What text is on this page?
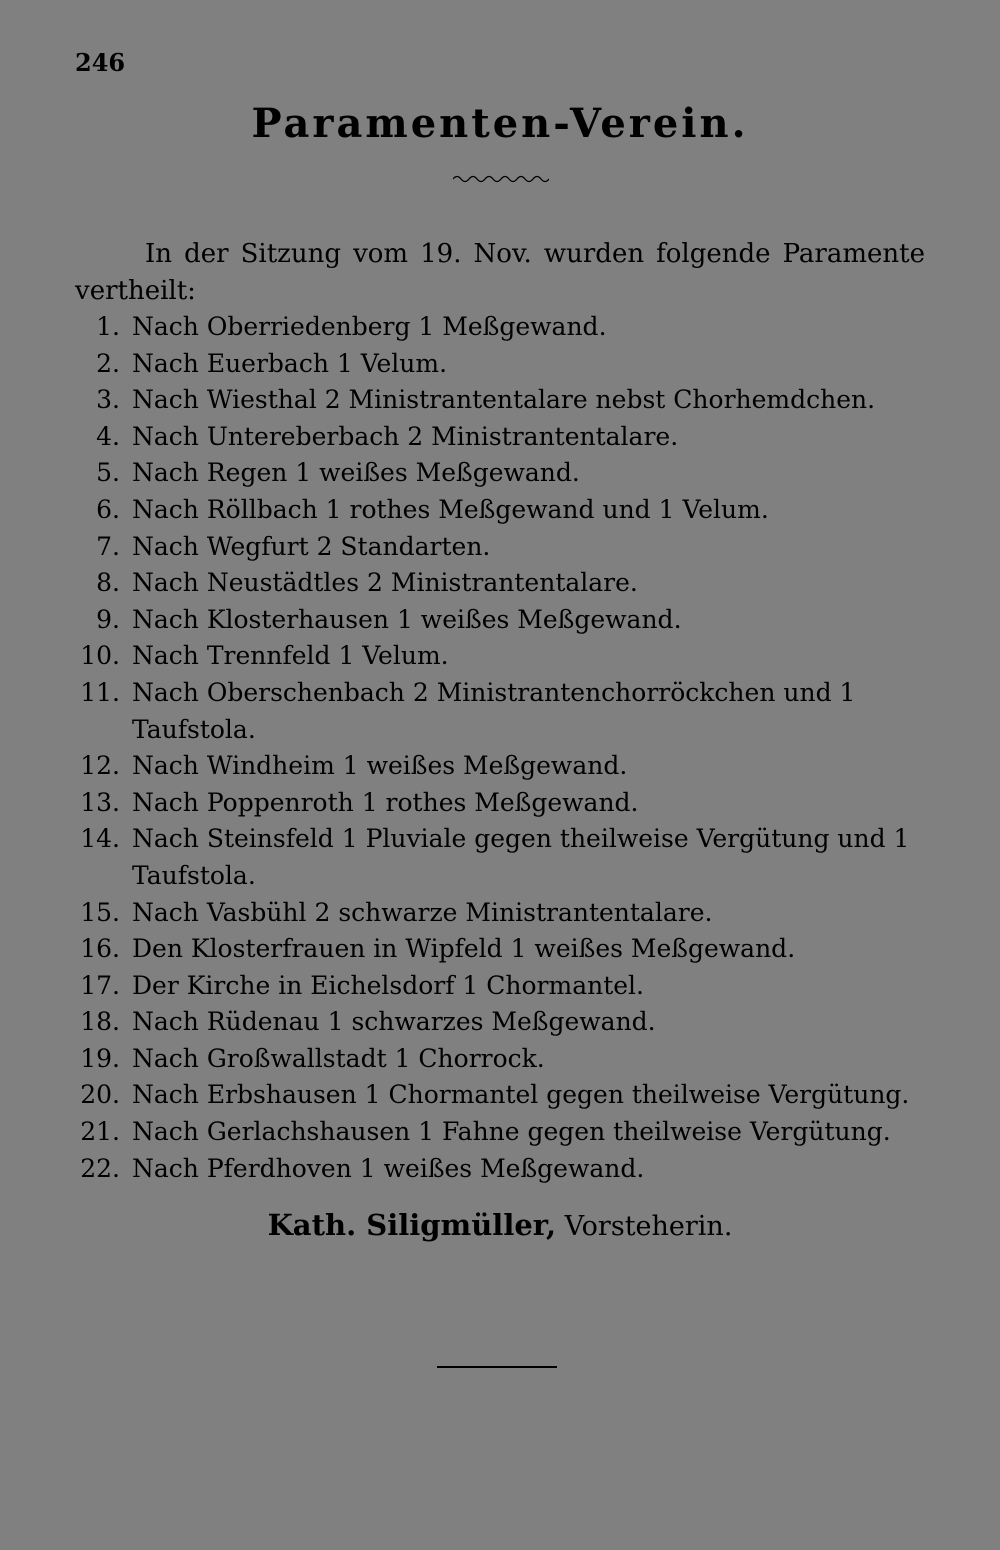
246
Paramenten-Verein.

In der Sitzung vom 19. Nov. wurden folgende Paramente vertheilt:

1. Nach Oberriedenberg 1 Meßgewand.
2. Nach Euerbach 1 Velum.
3. Nach Wiesthal 2 Ministrantentalare nebst Chorhemdchen.
4. Nach Untereberbach 2 Ministrantentalare.
5. Nach Regen 1 weißes Meßgewand.
6. Nach Röllbach 1 rothes Meßgewand und 1 Velum.
7. Nach Wegfurt 2 Standarten.
8. Nach Neustädtles 2 Ministrantentalare.
9. Nach Klosterhausen 1 weißes Meßgewand.
10. Nach Trennfeld 1 Velum.
11. Nach Oberschenbach 2 Ministrantenchorröckchen und 1 Taufstola.
12. Nach Windheim 1 weißes Meßgewand.
13. Nach Poppenroth 1 rothes Meßgewand.
14. Nach Steinsfeld 1 Pluviale gegen theilweise Vergütung und 1 Taufstola.
15. Nach Vasbühl 2 schwarze Ministrantentalare.
16. Den Klosterfrauen in Wipfeld 1 weißes Meßgewand.
17. Der Kirche in Eichelsdorf 1 Chormantel.
18. Nach Rüdenau 1 schwarzes Meßgewand.
19. Nach Großwallstadt 1 Chorrock.
20. Nach Erbshausen 1 Chormantel gegen theilweise Vergütung.
21. Nach Gerlachshausen 1 Fahne gegen theilweise Vergütung.
22. Nach Pferdhoven 1 weißes Meßgewand.
Kath. Siligmüller, Vorsteherin.
